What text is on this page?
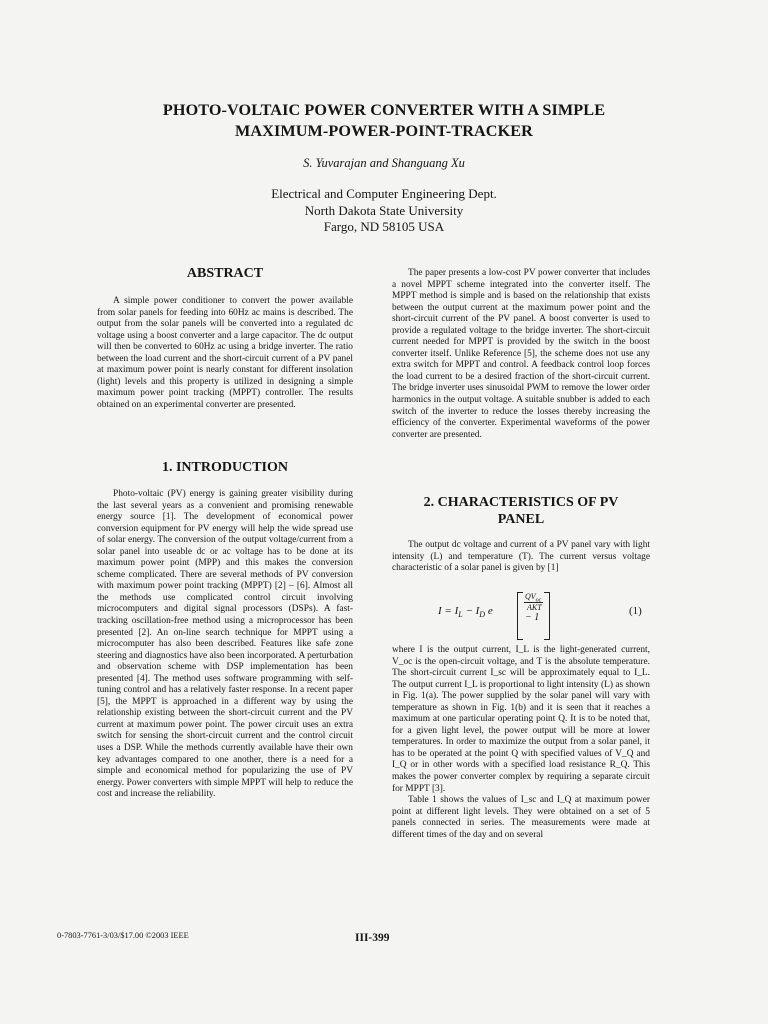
PHOTO-VOLTAIC POWER CONVERTER WITH A SIMPLE
MAXIMUM-POWER-POINT-TRACKER
S. Yuvarajan and Shanguang Xu
Electrical and Computer Engineering Dept.
North Dakota State University
Fargo, ND 58105 USA
ABSTRACT

A simple power conditioner to convert the power available from solar panels for feeding into 60Hz ac mains is described. The output from the solar panels will be converted into a regulated dc voltage using a boost converter and a large capacitor. The dc output will then be converted to 60Hz ac using a bridge inverter. The ratio between the load current and the short-circuit current of a PV panel at maximum power point is nearly constant for different insolation (light) levels and this property is utilized in designing a simple maximum power point tracking (MPPT) controller. The results obtained on an experimental converter are presented.

1. INTRODUCTION

Photo-voltaic (PV) energy is gaining greater visibility during the last several years as a convenient and promising renewable energy source [1]. The development of economical power conversion equipment for PV energy will help the wide spread use of solar energy. The conversion of the output voltage/current from a solar panel into useable dc or ac voltage has to be done at its maximum power point (MPP) and this makes the conversion scheme complicated. There are several methods of PV conversion with maximum power point tracking (MPPT) [2] – [6]. Almost all the methods use complicated control circuit involving microcomputers and digital signal processors (DSPs). A fast-tracking oscillation-free method using a microprocessor has been presented [2]. An on-line search technique for MPPT using a microcomputer has also been described. Features like safe zone steering and diagnostics have also been incorporated. A perturbation and observation scheme with DSP implementation has been presented [4]. The method uses software programming with self-tuning control and has a relatively faster response. In a recent paper [5], the MPPT is approached in a different way by using the relationship existing between the short-circuit current and the PV current at maximum power point. The power circuit uses an extra switch for sensing the short-circuit current and the control circuit uses a DSP. While the methods currently available have their own key advantages compared to one another, there is a need for a simple and economical method for popularizing the use of PV energy. Power converters with simple MPPT will help to reduce the cost and increase the reliability.

The paper presents a low-cost PV power converter that includes a novel MPPT scheme integrated into the converter itself. The MPPT method is simple and is based on the relationship that exists between the output current at the maximum power point and the short-circuit current of the PV panel. A boost converter is used to provide a regulated voltage to the bridge inverter. The short-circuit current needed for MPPT is provided by the switch in the boost converter itself. Unlike Reference [5], the scheme does not use any extra switch for MPPT and control. A feedback control loop forces the load current to be a desired fraction of the short-circuit current. The bridge inverter uses sinusoidal PWM to remove the lower order harmonics in the output voltage. A suitable snubber is added to each switch of the inverter to reduce the losses thereby increasing the efficiency of the converter. Experimental waveforms of the power converter are presented.

2. CHARACTERISTICS OF PV
PANEL

The output dc voltage and current of a PV panel vary with light intensity (L) and temperature (T). The current versus voltage characteristic of a solar panel is given by [1]

$I = I_L - I_D$ e
$QV_{oc}$
AKT
− 1
(1)

where I is the output current, I_L is the light-generated current, V_oc is the open-circuit voltage, and T is the absolute temperature. The short-circuit current I_sc will be approximately equal to I_L. The output current I_L is proportional to light intensity (L) as shown in Fig. 1(a). The power supplied by the solar panel will vary with temperature as shown in Fig. 1(b) and it is seen that it reaches a maximum at one particular operating point Q. It is to be noted that, for a given light level, the power output will be more at lower temperatures. In order to maximize the output from a solar panel, it has to be operated at the point Q with specified values of V_Q and I_Q or in other words with a specified load resistance R_Q. This makes the power converter complex by requiring a separate circuit for MPPT [3].

Table 1 shows the values of I_sc and I_Q at maximum power point at different light levels. They were obtained on a set of 5 panels connected in series. The measurements were made at different times of the day and on several

0-7803-7761-3/03/$17.00 ©2003 IEEE	III-399
